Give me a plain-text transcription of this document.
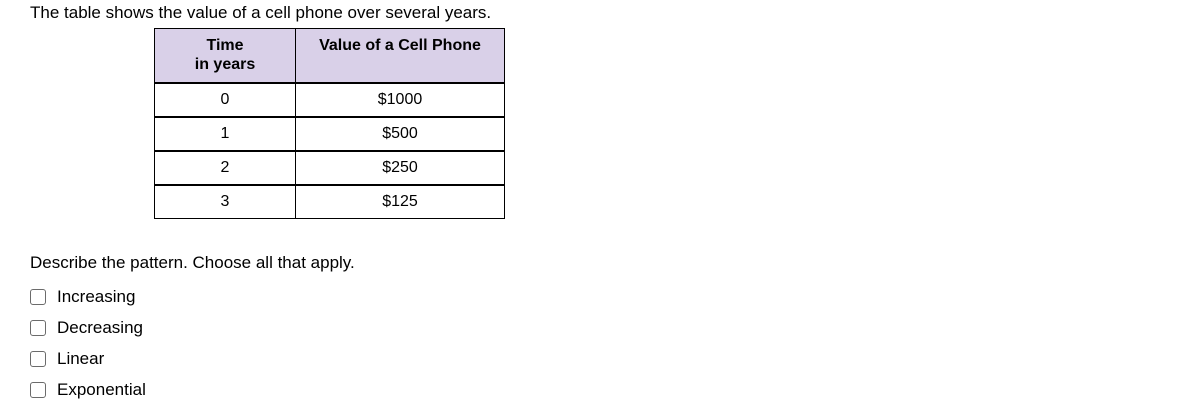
The table shows the value of a cell phone over several years.
Time
in years	Value of a Cell Phone
0	$1000
1	$500
2	$250
3	$125
Describe the pattern. Choose all that apply.
Increasing
Decreasing
Linear
Exponential
